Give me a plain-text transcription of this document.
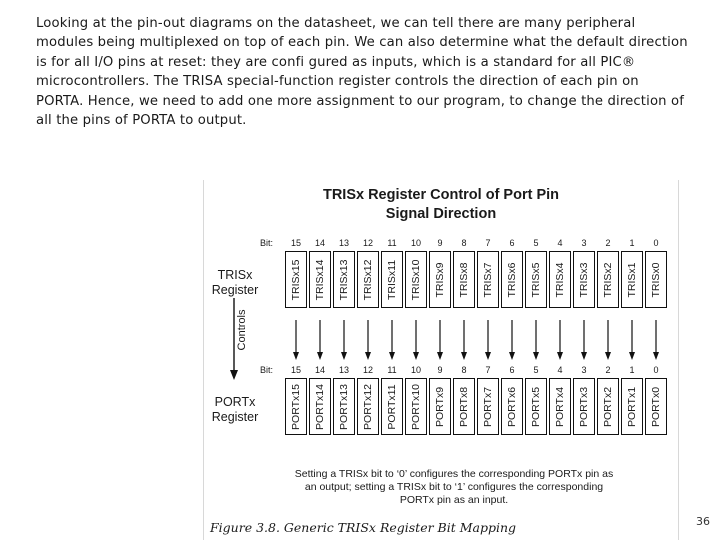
Looking at the pin-out diagrams on the datasheet, we can tell there are many peripheral modules being multiplexed on top of each pin. We can also determine what the default direction is for all I/O pins at reset: they are confi gured as inputs, which is a standard for all PIC® microcontrollers. The TRISA special-function register controls the direction of each pin on PORTA. Hence, we need to add one more assignment to our program, to change the direction of all the pins of PORTA to output.

TRISx Register Control of Port Pin
Signal Direction
Bit:	15	14	13	12	11	10	9	8	7	6	5	4	3	2	1	0
TRISx
Register	TRISx15 TRISx14 TRISx13 TRISx12 TRISx11 TRISx10 TRISx9 TRISx8 TRISx7 TRISx6 TRISx5 TRISx4 TRISx3 TRISx2 TRISx1 TRISx0
Controls
Bit:	15	14	13	12	11	10	9	8	7	6	5	4	3	2	1	0
PORTx
Register	PORTx15 PORTx14 PORTx13 PORTx12 PORTx11 PORTx10 PORTx9 PORTx8 PORTx7 PORTx6 PORTx5 PORTx4 PORTx3 PORTx2 PORTx1 PORTx0
Setting a TRISx bit to ‘0’ configures the corresponding PORTx pin as
an output; setting a TRISx bit to ‘1’ configures the corresponding
PORTx pin as an input.
Figure 3.8. Generic TRISx Register Bit Mapping	36
